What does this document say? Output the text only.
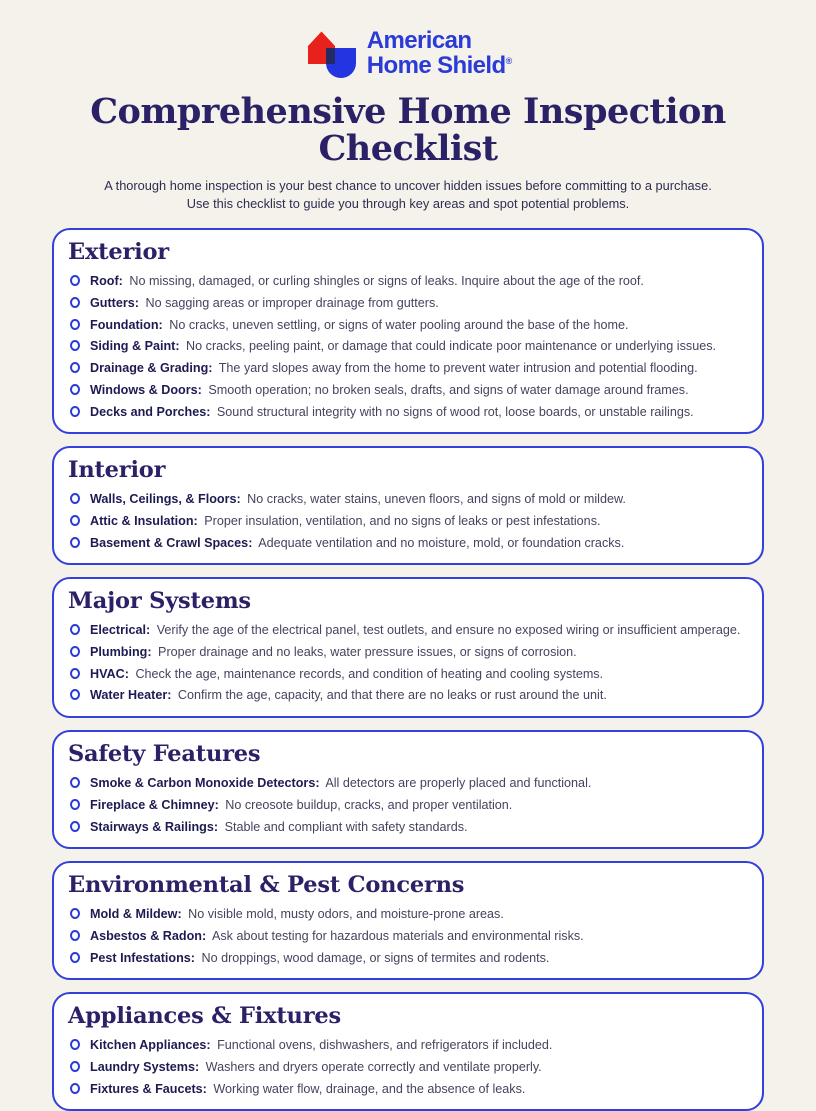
American
Home Shield®
Comprehensive Home Inspection Checklist
A thorough home inspection is your best chance to uncover hidden issues before committing to a purchase.
Use this checklist to guide you through key areas and spot potential problems.
Exterior
Roof: No missing, damaged, or curling shingles or signs of leaks. Inquire about the age of the roof.
Gutters: No sagging areas or improper drainage from gutters.
Foundation: No cracks, uneven settling, or signs of water pooling around the base of the home.
Siding & Paint: No cracks, peeling paint, or damage that could indicate poor maintenance or underlying issues.
Drainage & Grading: The yard slopes away from the home to prevent water intrusion and potential flooding.
Windows & Doors: Smooth operation; no broken seals, drafts, and signs of water damage around frames.
Decks and Porches: Sound structural integrity with no signs of wood rot, loose boards, or unstable railings.
Interior
Walls, Ceilings, & Floors: No cracks, water stains, uneven floors, and signs of mold or mildew.
Attic & Insulation: Proper insulation, ventilation, and no signs of leaks or pest infestations.
Basement & Crawl Spaces: Adequate ventilation and no moisture, mold, or foundation cracks.
Major Systems
Electrical: Verify the age of the electrical panel, test outlets, and ensure no exposed wiring or insufficient amperage.
Plumbing: Proper drainage and no leaks, water pressure issues, or signs of corrosion.
HVAC: Check the age, maintenance records, and condition of heating and cooling systems.
Water Heater: Confirm the age, capacity, and that there are no leaks or rust around the unit.
Safety Features
Smoke & Carbon Monoxide Detectors: All detectors are properly placed and functional.
Fireplace & Chimney: No creosote buildup, cracks, and proper ventilation.
Stairways & Railings: Stable and compliant with safety standards.
Environmental & Pest Concerns
Mold & Mildew: No visible mold, musty odors, and moisture-prone areas.
Asbestos & Radon: Ask about testing for hazardous materials and environmental risks.
Pest Infestations: No droppings, wood damage, or signs of termites and rodents.
Appliances & Fixtures
Kitchen Appliances: Functional ovens, dishwashers, and refrigerators if included.
Laundry Systems: Washers and dryers operate correctly and ventilate properly.
Fixtures & Faucets: Working water flow, drainage, and the absence of leaks.
